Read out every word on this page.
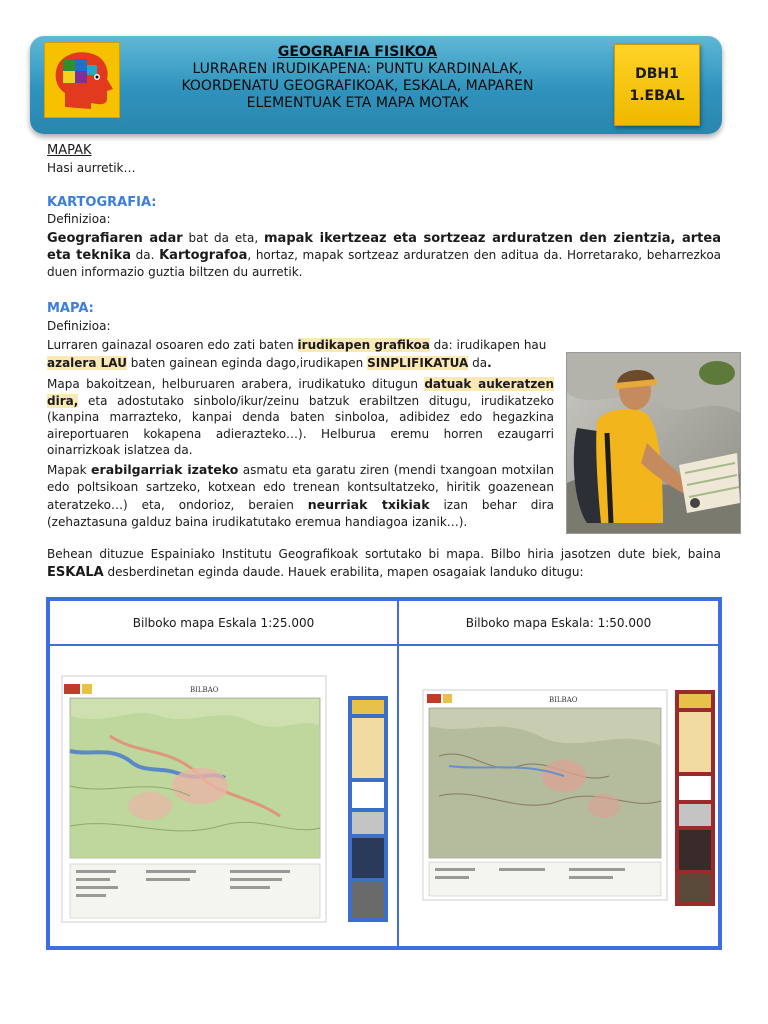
GEOGRAFIA FISIKOA
LURRAREN IRUDIKAPENA: PUNTU KARDINALAK,
KOORDENATU GEOGRAFIKOAK, ESKALA, MAPAREN
ELEMENTUAK ETA MAPA MOTAK
DBH1
1.EBAL
MAPAK
Hasi aurretik…
KARTOGRAFIA:
Definizioa:
Geografiaren adar bat da eta, mapak ikertzeaz eta sortzeaz arduratzen den zientzia, artea eta teknika da. Kartografoa, hortaz, mapak sortzeaz arduratzen den aditua da. Horretarako, beharrezkoa duen informazio guztia biltzen du aurretik.
MAPA:
Definizioa:
Lurraren gainazal osoaren edo zati baten irudikapen grafikoa da: irudikapen hau
azalera LAU baten gainean eginda dago,irudikapen SINPLIFIKATUA da.
Mapa bakoitzean, helburuaren arabera, irudikatuko ditugun datuak aukeratzen dira, eta adostutako sinbolo/ikur/zeinu batzuk erabiltzen ditugu, irudikatzeko (kanpina marrazteko, kanpai denda baten sinboloa, adibidez edo hegazkina aireportuaren kokapena adierazteko…). Helburua eremu horren ezaugarri oinarrizkoak islatzea da.
Mapak erabilgarriak izateko asmatu eta garatu ziren (mendi txangoan motxilan edo poltsikoan sartzeko, kotxean edo trenean kontsultatzeko, hiritik goazenean ateratzeko…) eta, ondorioz, beraien neurriak txikiak izan behar dira (zehaztasuna galduz baina irudikatutako eremua handiagoa izanik…).
Behean dituzue Espainiako Institutu Geografikoak sortutako bi mapa. Bilbo hiria jasotzen dute biek, baina ESKALA desberdinetan eginda daude. Hauek erabilita, mapen osagaiak landuko ditugu:
Bilboko mapa Eskala 1:25.000	Bilboko mapa Eskala: 1:50.000
BILBAO
BILBAO
